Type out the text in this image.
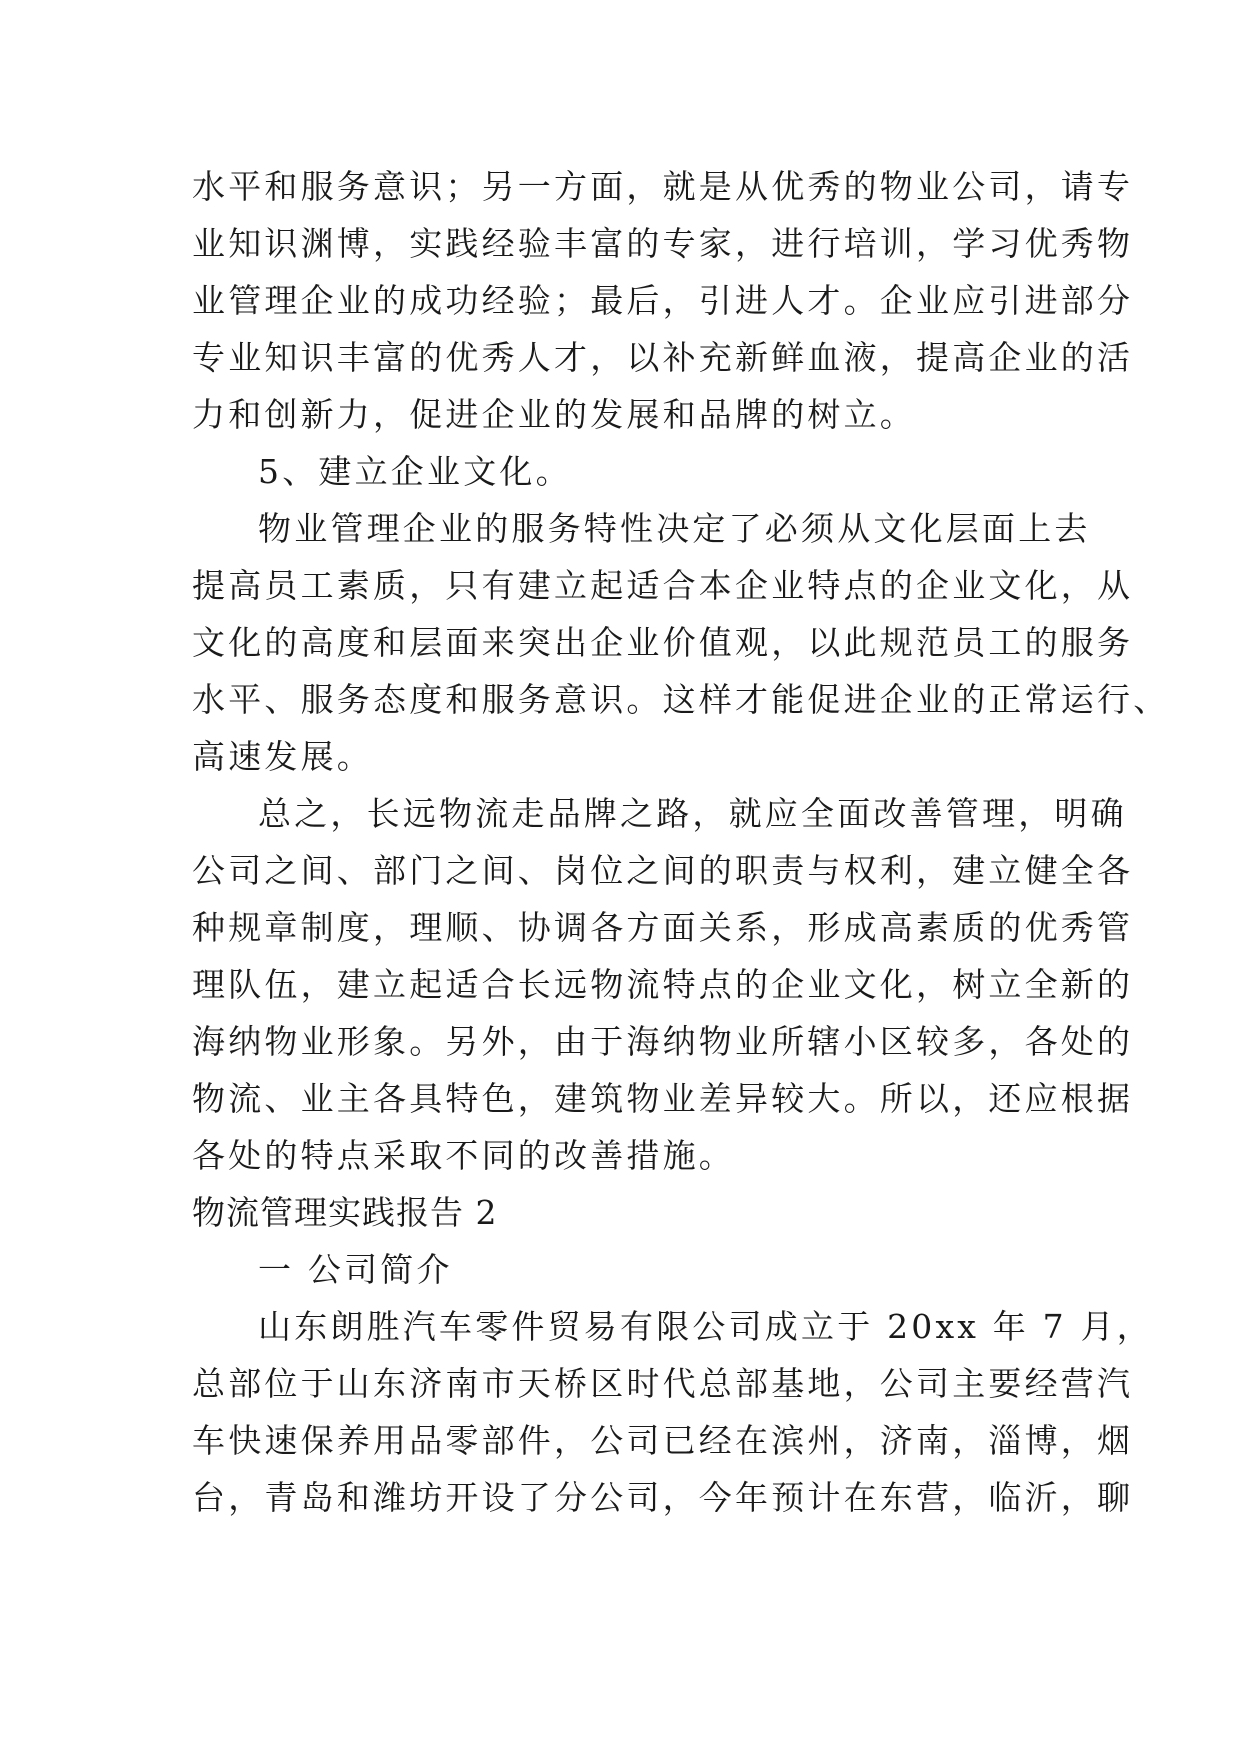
水平和服务意识；另一方面，就是从优秀的物业公司，请专
业知识渊博，实践经验丰富的专家，进行培训，学习优秀物
业管理企业的成功经验；最后，引进人才。企业应引进部分
专业知识丰富的优秀人才，以补充新鲜血液，提高企业的活
力和创新力，促进企业的发展和品牌的树立。
5、建立企业文化。
物业管理企业的服务特性决定了必须从文化层面上去
提高员工素质，只有建立起适合本企业特点的企业文化，从
文化的高度和层面来突出企业价值观，以此规范员工的服务
水平、服务态度和服务意识。这样才能促进企业的正常运行、
高速发展。
总之，长远物流走品牌之路，就应全面改善管理，明确
公司之间、部门之间、岗位之间的职责与权利，建立健全各
种规章制度，理顺、协调各方面关系，形成高素质的优秀管
理队伍，建立起适合长远物流特点的企业文化，树立全新的
海纳物业形象。另外，由于海纳物业所辖小区较多，各处的
物流、业主各具特色，建筑物业差异较大。所以，还应根据
各处的特点采取不同的改善措施。
物流管理实践报告 2
一 公司简介
山东朗胜汽车零件贸易有限公司成立于 20xx 年 7 月，
总部位于山东济南市天桥区时代总部基地，公司主要经营汽
车快速保养用品零部件，公司已经在滨州，济南，淄博，烟
台，青岛和潍坊开设了分公司，今年预计在东营，临沂，聊
